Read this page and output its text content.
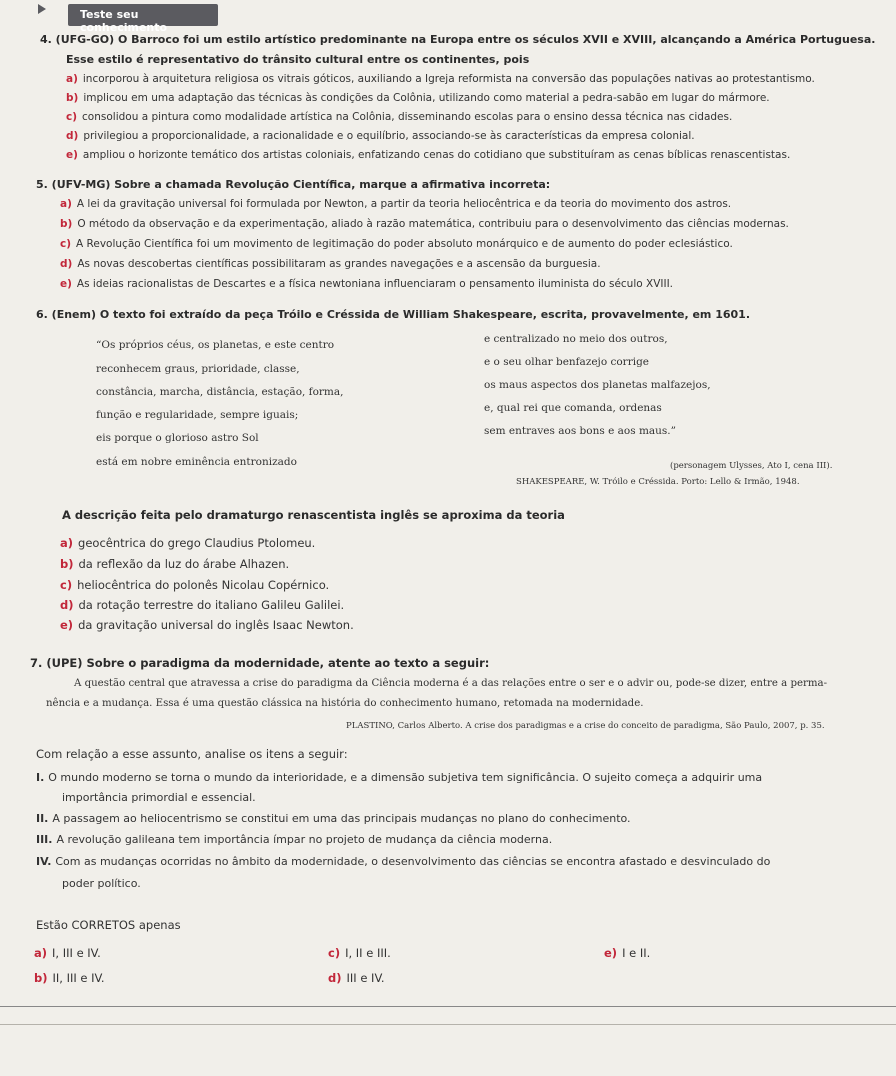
Teste seu conhecimento
4. (UFG-GO) O Barroco foi um estilo artístico predominante na Europa entre os séculos XVII e XVIII, alcançando a América Portuguesa.
Esse estilo é representativo do trânsito cultural entre os continentes, pois
a) incorporou à arquitetura religiosa os vitrais góticos, auxiliando a Igreja reformista na conversão das populações nativas ao protestantismo.
b) implicou em uma adaptação das técnicas às condições da Colônia, utilizando como material a pedra-sabão em lugar do mármore.
c) consolidou a pintura como modalidade artística na Colônia, disseminando escolas para o ensino dessa técnica nas cidades.
d) privilegiou a proporcionalidade, a racionalidade e o equilíbrio, associando-se às características da empresa colonial.
e) ampliou o horizonte temático dos artistas coloniais, enfatizando cenas do cotidiano que substituíram as cenas bíblicas renascentistas.
5. (UFV-MG) Sobre a chamada Revolução Científica, marque a afirmativa incorreta:
a) A lei da gravitação universal foi formulada por Newton, a partir da teoria heliocêntrica e da teoria do movimento dos astros.
b) O método da observação e da experimentação, aliado à razão matemática, contribuiu para o desenvolvimento das ciências modernas.
c) A Revolução Científica foi um movimento de legitimação do poder absoluto monárquico e de aumento do poder eclesiástico.
d) As novas descobertas científicas possibilitaram as grandes navegações e a ascensão da burguesia.
e) As ideias racionalistas de Descartes e a física newtoniana influenciaram o pensamento iluminista do século XVIII.
6. (Enem) O texto foi extraído da peça Tróilo e Créssida de William Shakespeare, escrita, provavelmente, em 1601.
“Os próprios céus, os planetas, e este centro
reconhecem graus, prioridade, classe,
constância, marcha, distância, estação, forma,
função e regularidade, sempre iguais;
eis porque o glorioso astro Sol
está em nobre eminência entronizado
e centralizado no meio dos outros,
e o seu olhar benfazejo corrige
os maus aspectos dos planetas malfazejos,
e, qual rei que comanda, ordenas
sem entraves aos bons e aos maus.”
(personagem Ulysses, Ato I, cena III).
SHAKESPEARE, W. Tróilo e Créssida. Porto: Lello & Irmão, 1948.
A descrição feita pelo dramaturgo renascentista inglês se aproxima da teoria
a) geocêntrica do grego Claudius Ptolomeu.
b) da reflexão da luz do árabe Alhazen.
c) heliocêntrica do polonês Nicolau Copérnico.
d) da rotação terrestre do italiano Galileu Galilei.
e) da gravitação universal do inglês Isaac Newton.
7. (UPE) Sobre o paradigma da modernidade, atente ao texto a seguir:
A questão central que atravessa a crise do paradigma da Ciência moderna é a das relações entre o ser e o advir ou, pode-se dizer, entre a perma-
nência e a mudança. Essa é uma questão clássica na história do conhecimento humano, retomada na modernidade.
PLASTINO, Carlos Alberto. A crise dos paradigmas e a crise do conceito de paradigma, São Paulo, 2007, p. 35.
Com relação a esse assunto, analise os itens a seguir:
I. O mundo moderno se torna o mundo da interioridade, e a dimensão subjetiva tem significância. O sujeito começa a adquirir uma
importância primordial e essencial.
II. A passagem ao heliocentrismo se constitui em uma das principais mudanças no plano do conhecimento.
III. A revolução galileana tem importância ímpar no projeto de mudança da ciência moderna.
IV. Com as mudanças ocorridas no âmbito da modernidade, o desenvolvimento das ciências se encontra afastado e desvinculado do
poder político.
Estão CORRETOS apenas
a) I, III e IV.
b) II, III e IV.
c) I, II e III.
d) III e IV.
e) I e II.
